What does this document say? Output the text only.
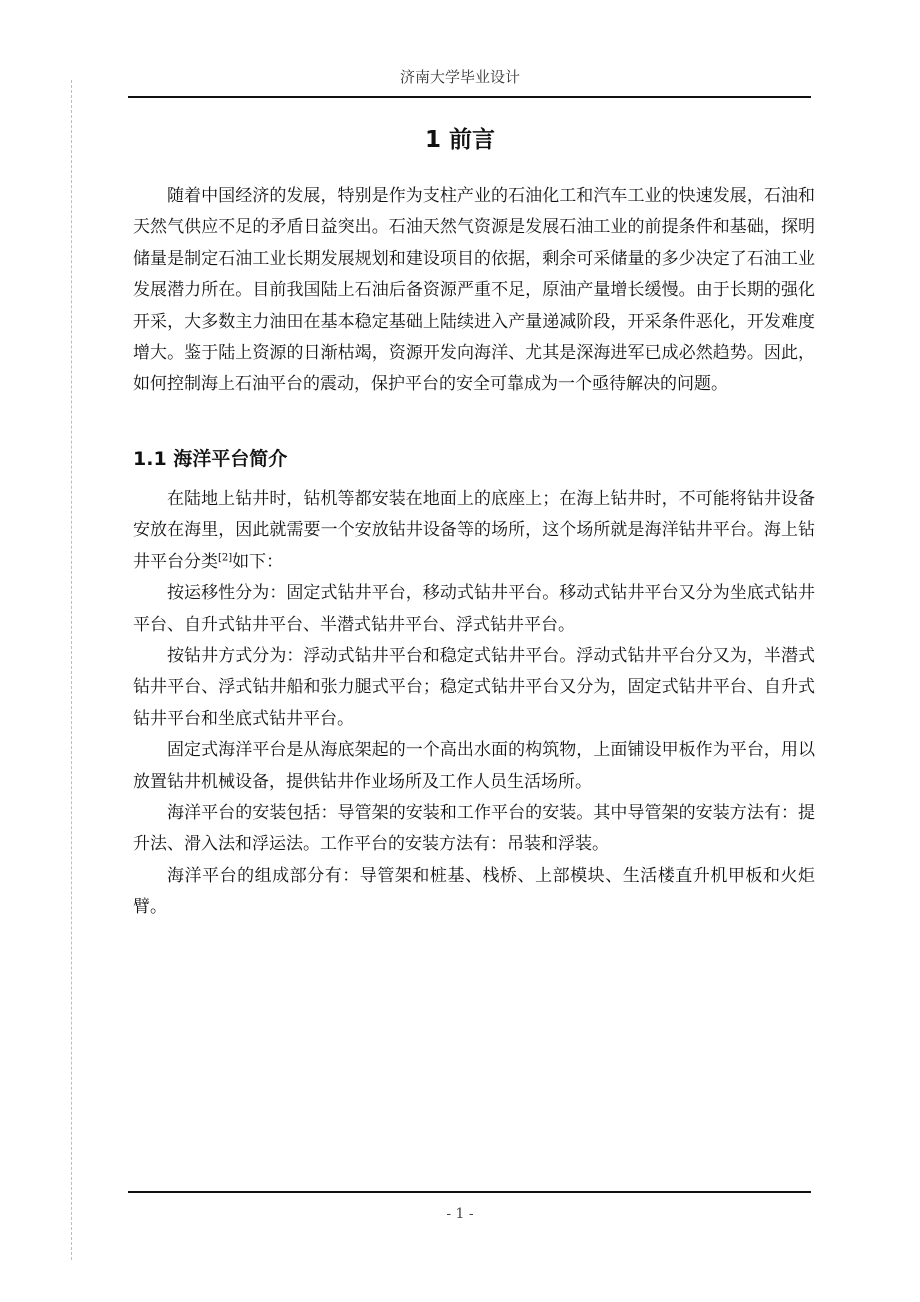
济南大学毕业设计
1 前言

随着中国经济的发展，特别是作为支柱产业的石油化工和汽车工业的快速发展，石油和天然气供应不足的矛盾日益突出。石油天然气资源是发展石油工业的前提条件和基础，探明储量是制定石油工业长期发展规划和建设项目的依据，剩余可采储量的多少决定了石油工业发展潜力所在。目前我国陆上石油后备资源严重不足，原油产量增长缓慢。由于长期的强化开采，大多数主力油田在基本稳定基础上陆续进入产量递减阶段，开采条件恶化，开发难度增大。鉴于陆上资源的日渐枯竭，资源开发向海洋、尤其是深海进军已成必然趋势。因此，如何控制海上石油平台的震动，保护平台的安全可靠成为一个亟待解决的问题。

1.1 海洋平台简介

在陆地上钻井时，钻机等都安装在地面上的底座上；在海上钻井时，不可能将钻井设备安放在海里，因此就需要一个安放钻井设备等的场所，这个场所就是海洋钻井平台。海上钻井平台分类[2]如下：

按运移性分为：固定式钻井平台，移动式钻井平台。移动式钻井平台又分为坐底式钻井平台、自升式钻井平台、半潜式钻井平台、浮式钻井平台。

按钻井方式分为：浮动式钻井平台和稳定式钻井平台。浮动式钻井平台分又为，半潜式钻井平台、浮式钻井船和张力腿式平台；稳定式钻井平台又分为，固定式钻井平台、自升式钻井平台和坐底式钻井平台。

固定式海洋平台是从海底架起的一个高出水面的构筑物，上面铺设甲板作为平台，用以放置钻井机械设备，提供钻井作业场所及工作人员生活场所。

海洋平台的安装包括：导管架的安装和工作平台的安装。其中导管架的安装方法有：提升法、滑入法和浮运法。工作平台的安装方法有：吊装和浮装。

海洋平台的组成部分有：导管架和桩基、栈桥、上部模块、生活楼直升机甲板和火炬臂。

- 1 -
